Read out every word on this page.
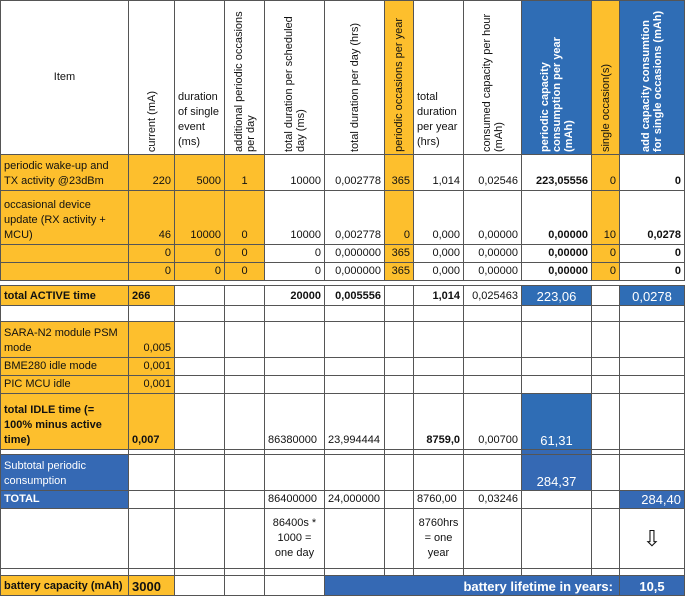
Item	current (mA)	duration of single event (ms)	additional periodic occasions per day	total duration per scheduled day (ms)	total duration per day (hrs)	periodic occasions per year	total duration per year (hrs)	consumed capacity per hour (mAh)	periodic capacity consumption per year (mAh)	single occasion(s)	add capacity consumtion for single occasions (mAh)

periodic wake-up and TX activity @23dBm	220	5000	1	10000	0,002778	365	1,014	0,02546	223,05556	0	0
occasional device update (RX activity + MCU)	46	10000	0	10000	0,002778	0	0,000	0,00000	0,00000	10	0,0278
	0	0	0	0	0,000000	365	0,000	0,00000	0,00000	0	0
	0	0	0	0	0,000000	365	0,000	0,00000	0,00000	0	0

total ACTIVE time	266			20000	0,005556		1,014	0,025463	223,06		0,0278

SARA-N2 module PSM mode	0,005										
BME280 idle mode	0,001										
PIC MCU idle	0,001										
total IDLE time (= 100% minus active time)	0,007			86380000	23,994444		8759,0	0,00700	61,31		

Subtotal periodic consumption									284,37		
TOTAL				86400000	24,000000		8760,00	0,03246			284,40
				86400s * 1000 = one day			8760hrs = one year				⇩

battery capacity (mAh)	3000				battery lifetime in years:						10,5
